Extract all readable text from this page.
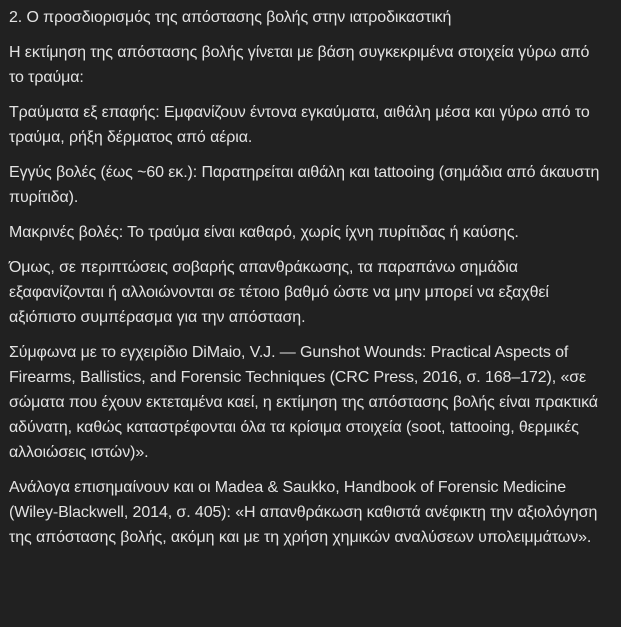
2. Ο προσδιορισμός της απόστασης βολής στην ιατροδικαστική

Η εκτίμηση της απόστασης βολής γίνεται με βάση συγκεκριμένα στοιχεία γύρω από το τραύμα:

Τραύματα εξ επαφής: Εμφανίζουν έντονα εγκαύματα, αιθάλη μέσα και γύρω από το τραύμα, ρήξη δέρματος από αέρια.

Εγγύς βολές (έως ~60 εκ.): Παρατηρείται αιθάλη και tattooing (σημάδια από άκαυστη πυρίτιδα).

Μακρινές βολές: Το τραύμα είναι καθαρό, χωρίς ίχνη πυρίτιδας ή καύσης.

Όμως, σε περιπτώσεις σοβαρής απανθράκωσης, τα παραπάνω σημάδια εξαφανίζονται ή αλλοιώνονται σε τέτοιο βαθμό ώστε να μην μπορεί να εξαχθεί αξιόπιστο συμπέρασμα για την απόσταση.

Σύμφωνα με το εγχειρίδιο DiMaio, V.J. — Gunshot Wounds: Practical Aspects of Firearms, Ballistics, and Forensic Techniques (CRC Press, 2016, σ. 168–172), «σε σώματα που έχουν εκτεταμένα καεί, η εκτίμηση της απόστασης βολής είναι πρακτικά αδύνατη, καθώς καταστρέφονται όλα τα κρίσιμα στοιχεία (soot, tattooing, θερμικές αλλοιώσεις ιστών)».

Ανάλογα επισημαίνουν και οι Madea & Saukko, Handbook of Forensic Medicine (Wiley-Blackwell, 2014, σ. 405): «Η απανθράκωση καθιστά ανέφικτη την αξιολόγηση της απόστασης βολής, ακόμη και με τη χρήση χημικών αναλύσεων υπολειμμάτων».
